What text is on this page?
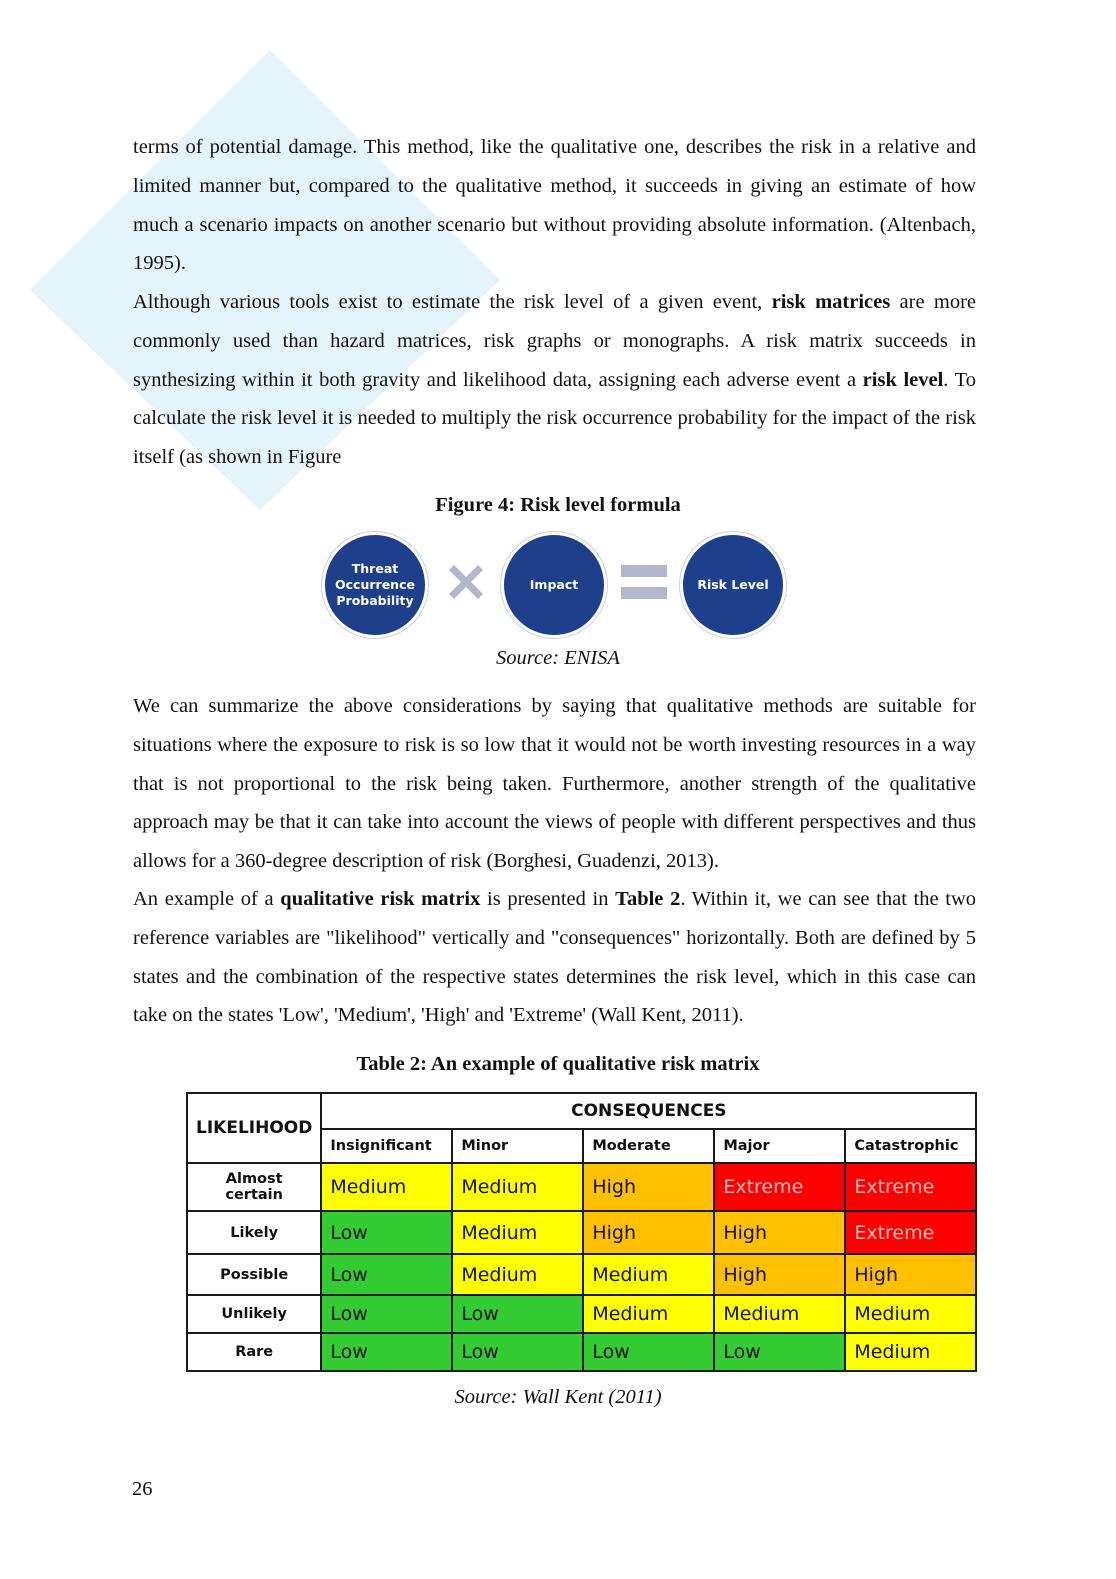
terms of potential damage. This method, like the qualitative one, describes the risk in a relative and limited manner but, compared to the qualitative method, it succeeds in giving an estimate of how much a scenario impacts on another scenario but without providing absolute information. (Altenbach, 1995).

Although various tools exist to estimate the risk level of a given event, risk matrices are more commonly used than hazard matrices, risk graphs or monographs. A risk matrix succeeds in synthesizing within it both gravity and likelihood data, assigning each adverse event a risk level. To calculate the risk level it is needed to multiply the risk occurrence probability for the impact of the risk itself (as shown in Figure

Figure 4: Risk level formula

Threat Occurrence Probability
Impact	Risk Level

Source: ENISA

We can summarize the above considerations by saying that qualitative methods are suitable for situations where the exposure to risk is so low that it would not be worth investing resources in a way that is not proportional to the risk being taken. Furthermore, another strength of the qualitative approach may be that it can take into account the views of people with different perspectives and thus allows for a 360-degree description of risk (Borghesi, Guadenzi, 2013).

An example of a qualitative risk matrix is presented in Table 2. Within it, we can see that the two reference variables are "likelihood" vertically and "consequences" horizontally. Both are defined by 5 states and the combination of the respective states determines the risk level, which in this case can take on the states 'Low', 'Medium', 'High' and 'Extreme' (Wall Kent, 2011).

Table 2: An example of qualitative risk matrix

LIKELIHOOD	CONSEQUENCES				
	Insignificant	Minor	Moderate	Major	Catastrophic
Almost certain	Medium	Medium	High	Extreme	Extreme
Likely	Low	Medium	High	High	Extreme
Possible	Low	Medium	Medium	High	High
Unlikely	Low	Low	Medium	Medium	Medium
Rare	Low	Low	Low	Low	Medium

Source: Wall Kent (2011)

26
